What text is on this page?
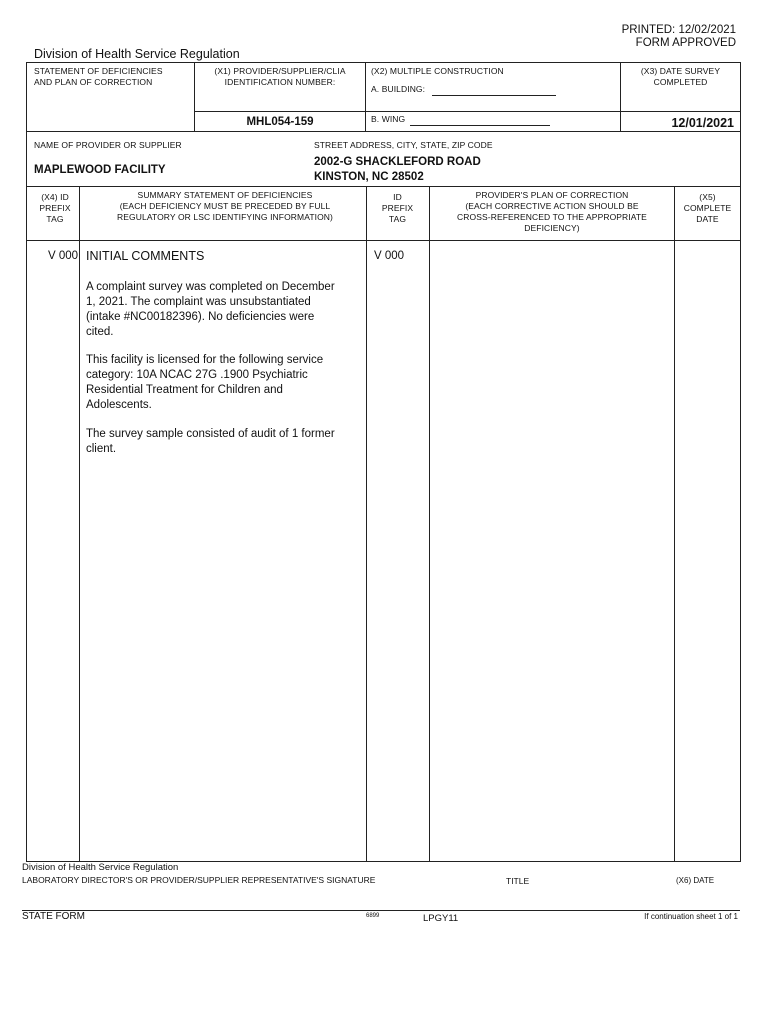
PRINTED: 12/02/2021
FORM APPROVED
Division of Health Service Regulation
STATEMENT OF DEFICIENCIES
AND PLAN OF CORRECTION
(X1) PROVIDER/SUPPLIER/CLIA
IDENTIFICATION NUMBER:
MHL054-159
(X2) MULTIPLE CONSTRUCTION
A. BUILDING:
B. WING
(X3) DATE SURVEY
COMPLETED
12/01/2021
NAME OF PROVIDER OR SUPPLIER
MAPLEWOOD FACILITY
STREET ADDRESS, CITY, STATE, ZIP CODE
2002-G SHACKLEFORD ROAD
KINSTON, NC 28502
(X4) ID
PREFIX
TAG
SUMMARY STATEMENT OF DEFICIENCIES
(EACH DEFICIENCY MUST BE PRECEDED BY FULL
REGULATORY OR LSC IDENTIFYING INFORMATION)
ID
PREFIX
TAG
PROVIDER'S PLAN OF CORRECTION
(EACH CORRECTIVE ACTION SHOULD BE
CROSS-REFERENCED TO THE APPROPRIATE
DEFICIENCY)
(X5)
COMPLETE
DATE
V 000 INITIAL COMMENTS	V 000
A complaint survey was completed on December
1, 2021. The complaint was unsubstantiated
(intake #NC00182396). No deficiencies were
cited.
This facility is licensed for the following service
category: 10A NCAC 27G .1900 Psychiatric
Residential Treatment for Children and
Adolescents.
The survey sample consisted of audit of 1 former
client.
Division of Health Service Regulation
LABORATORY DIRECTOR'S OR PROVIDER/SUPPLIER REPRESENTATIVE'S SIGNATURE	TITLE	(X6) DATE
STATE FORM	6899	LPGY11	If continuation sheet 1 of 1
